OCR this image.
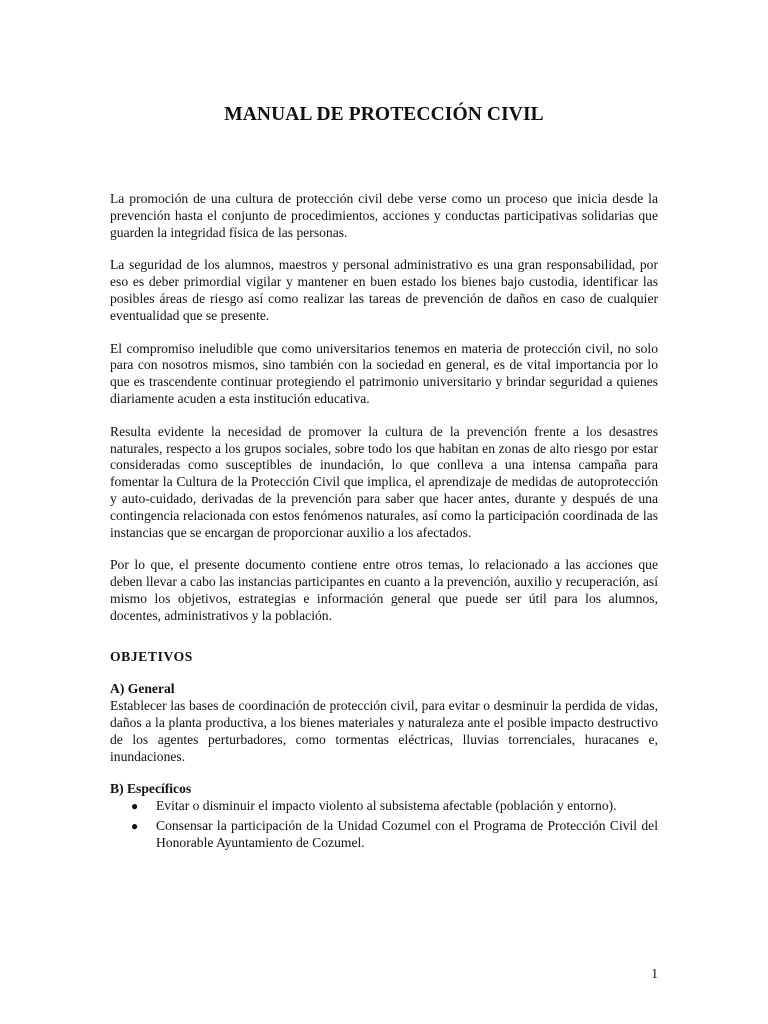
MANUAL DE PROTECCIÓN CIVIL

La promoción de una cultura de protección civil debe verse como un proceso que inicia desde la prevención hasta el conjunto de procedimientos, acciones y conductas participativas solidarias que guarden la integridad física de las personas.

La seguridad de los alumnos, maestros y personal administrativo es una gran responsabilidad, por eso es deber primordial vigilar y mantener en buen estado los bienes bajo custodia, identificar las posibles áreas de riesgo así como realizar las tareas de prevención de daños en caso de cualquier eventualidad que se presente.

El compromiso ineludible que como universitarios tenemos en materia de protección civil, no solo para con nosotros mismos, sino también con la sociedad en general, es de vital importancia por lo que es trascendente continuar protegiendo el patrimonio universitario y brindar seguridad a quienes diariamente acuden a esta institución educativa.

Resulta evidente la necesidad de promover la cultura de la prevención frente a los desastres naturales, respecto a los grupos sociales, sobre todo los que habitan en zonas de alto riesgo por estar consideradas como susceptibles de inundación, lo que conlleva a una intensa campaña para fomentar la Cultura de la Protección Civil que implica, el aprendizaje de medidas de autoprotección y auto-cuidado, derivadas de la prevención para saber que hacer antes, durante y después de una contingencia relacionada con estos fenómenos naturales, así como la participación coordinada de las instancias que se encargan de proporcionar auxilio a los afectados.

Por lo que, el presente documento contiene entre otros temas, lo relacionado a las acciones que deben llevar a cabo las instancias participantes en cuanto a la prevención, auxilio y recuperación, así mismo los objetivos, estrategias e información general que puede ser útil para los alumnos, docentes, administrativos y la población.

OBJETIVOS
A) General

Establecer las bases de coordinación de protección civil, para evitar o desminuir la perdida de vidas, daños a la planta productiva, a los bienes materiales y naturaleza ante el posible impacto destructivo de los agentes perturbadores, como tormentas eléctricas, lluvias torrenciales, huracanes e, inundaciones.

B) Específicos
● Evitar o disminuir el impacto violento al subsistema afectable (población y entorno).
● Consensar la participación de la Unidad Cozumel con el Programa de Protección Civil del Honorable Ayuntamiento de Cozumel.
1
